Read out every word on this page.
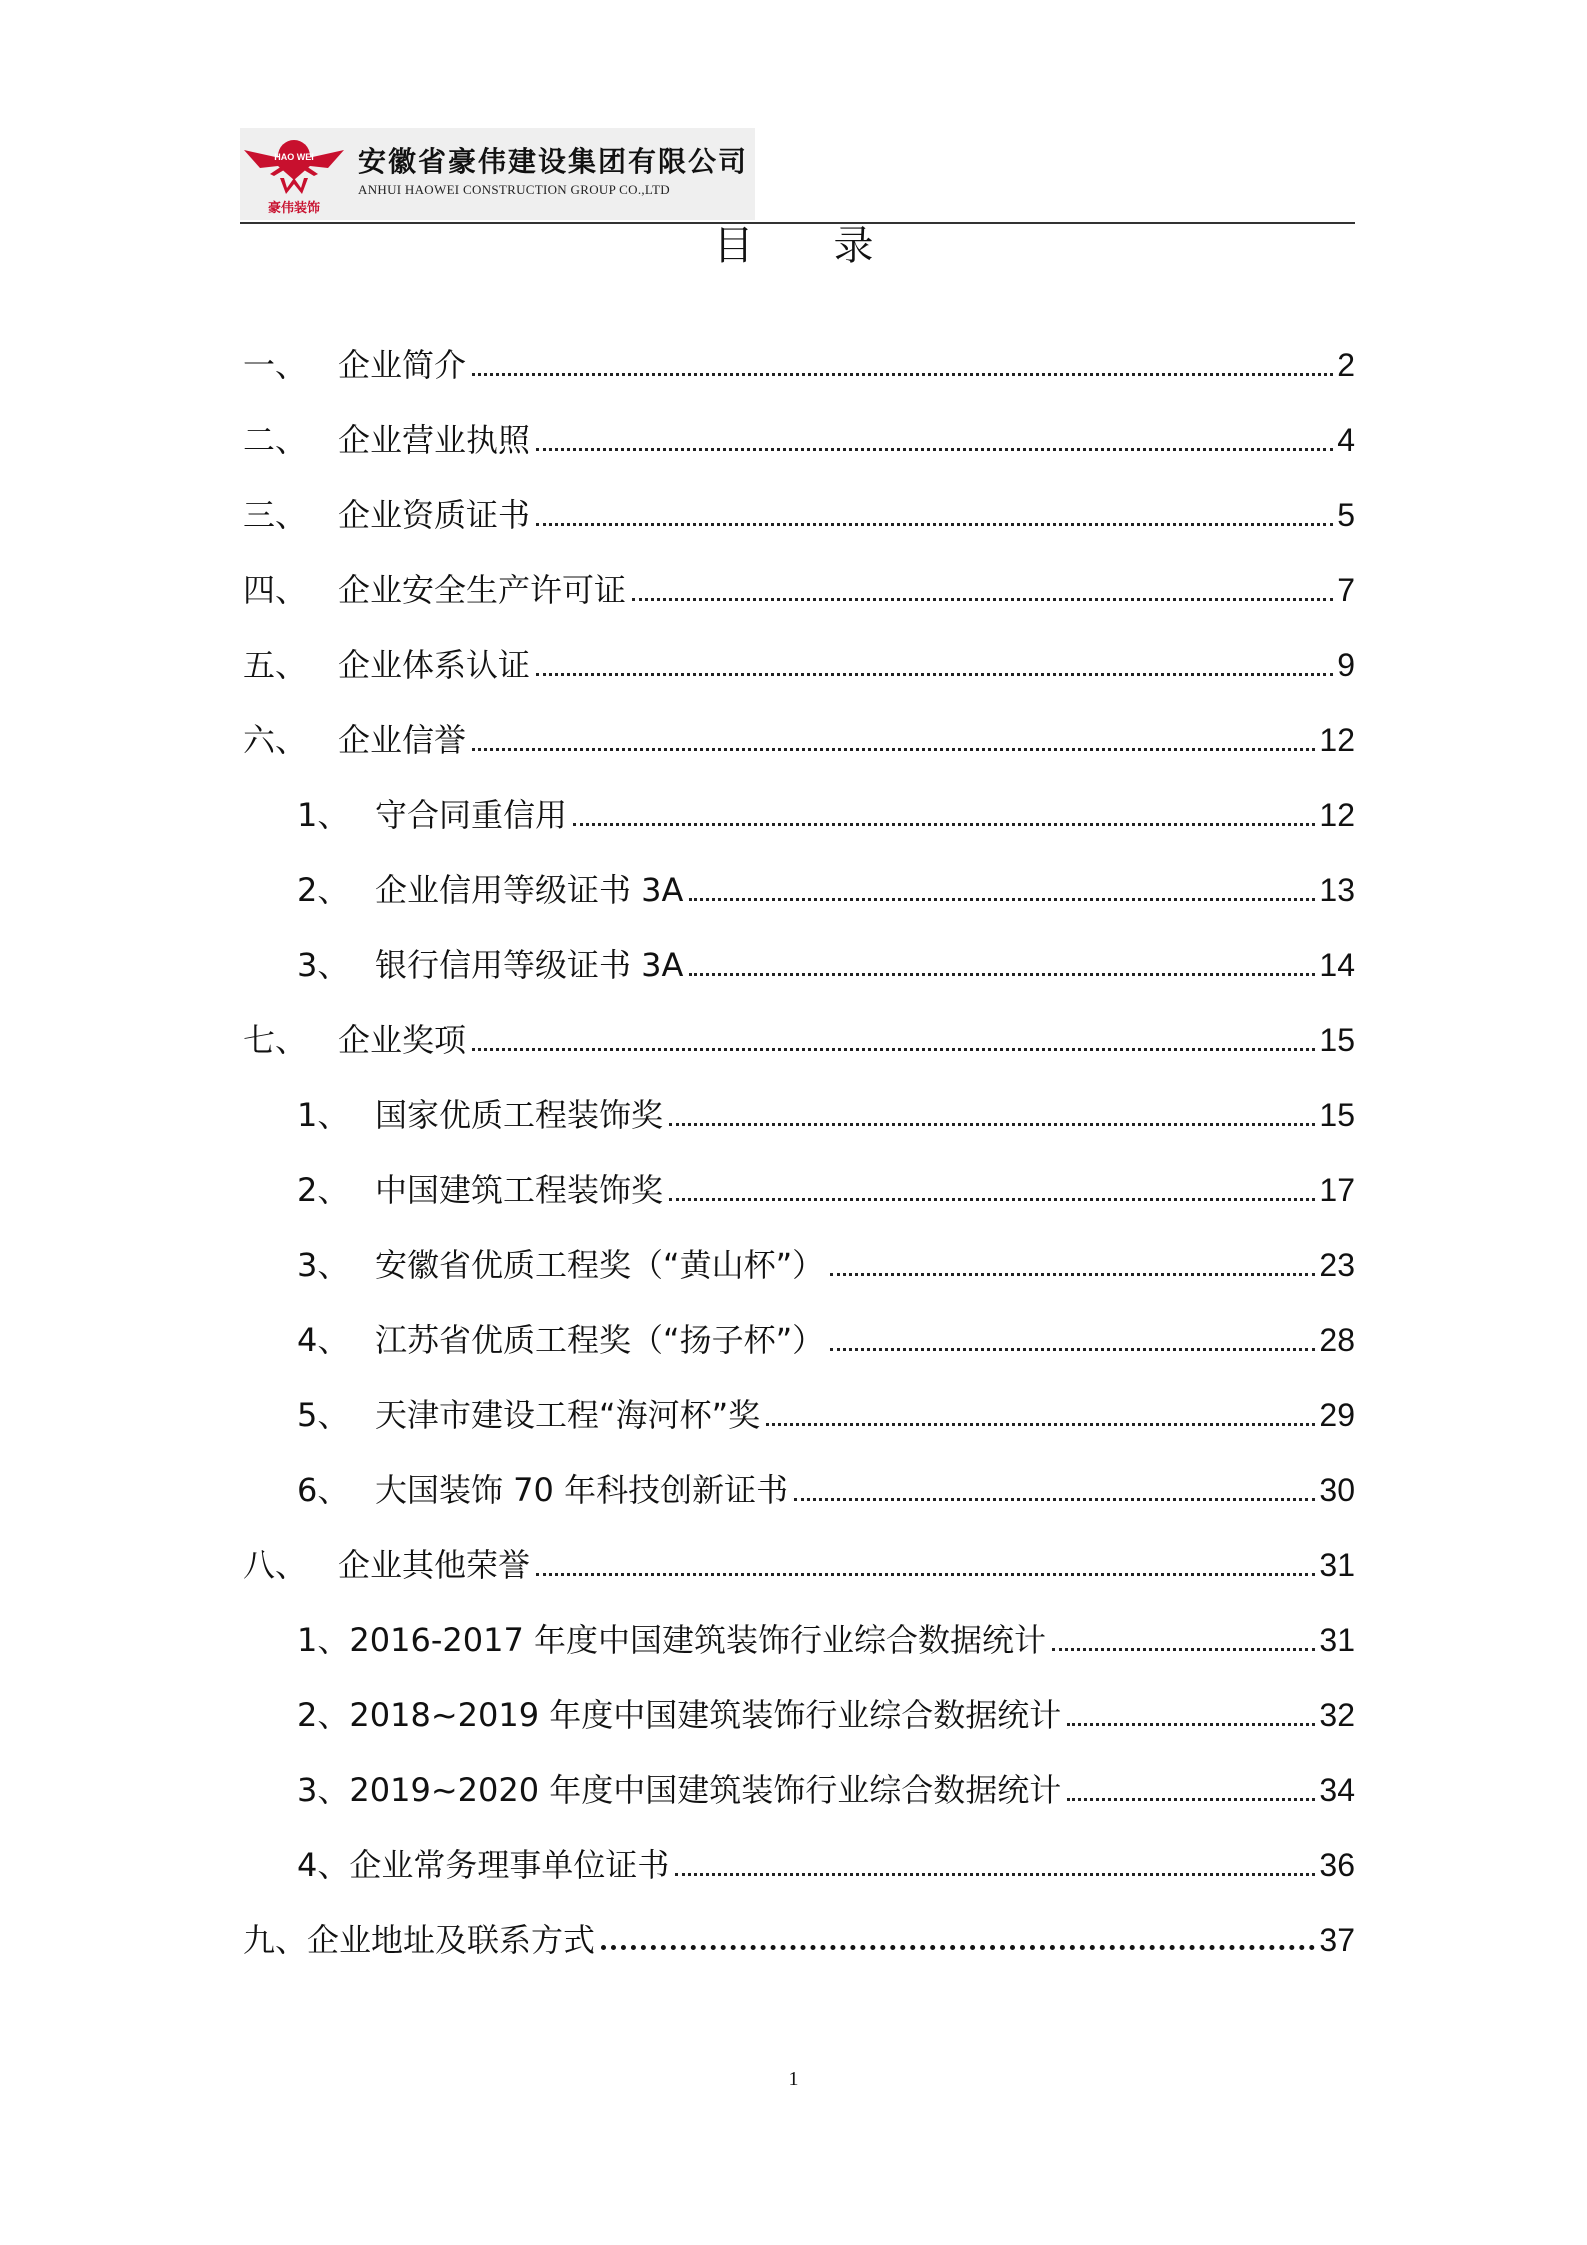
HAO WEI
豪伟装饰
安徽省豪伟建设集团有限公司
ANHUI HAOWEI CONSTRUCTION GROUP CO.,LTD
目　　录
一、 企业简介	2
二、 企业营业执照	4
三、 企业资质证书	5
四、 企业安全生产许可证	7
五、 企业体系认证	9
六、 企业信誉	12
1、 守合同重信用	12
2、 企业信用等级证书 3A	13
3、 银行信用等级证书 3A	14
七、 企业奖项	15
1、 国家优质工程装饰奖	15
2、 中国建筑工程装饰奖	17
3、 安徽省优质工程奖（“黄山杯”）	23
4、 江苏省优质工程奖（“扬子杯”）	28
5、 天津市建设工程“海河杯”奖	29
6、 大国装饰 70 年科技创新证书	30
八、 企业其他荣誉	31
1、 2016-2017 年度中国建筑装饰行业综合数据统计	31
2、 2018~2019 年度中国建筑装饰行业综合数据统计	32
3、 2019~2020 年度中国建筑装饰行业综合数据统计	34
4、 企业常务理事单位证书	36
九、 企业地址及联系方式	37
1
